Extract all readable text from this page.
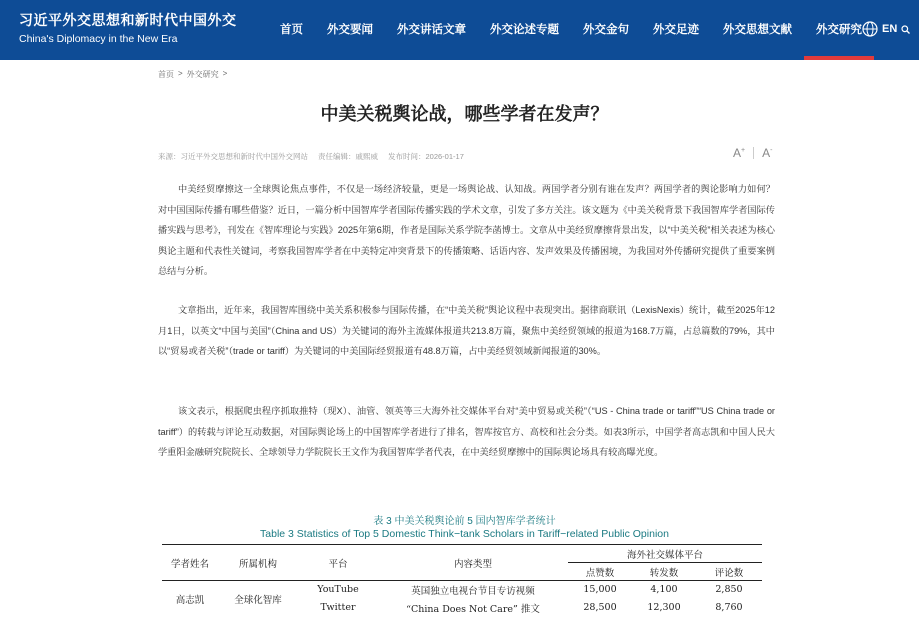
习近平外交思想和新时代中国外交
China's Diplomacy in the New Era
首页	外交要闻	外交讲话文章	外交论述专题	外交金句	外交足迹	外交思想文献	外交研究	EN
首页 > 外交研究 >
中美关税舆论战，哪些学者在发声？
来源：习近平外交思想和新时代中国外交网站 责任编辑：戚熙威 发布时间：2026-01-17	A+ A-

中美经贸摩擦这一全球舆论焦点事件，不仅是一场经济较量，更是一场舆论战、认知战。两国学者分别有谁在发声？两国学者的舆论影响力如何？对中国国际传播有哪些借鉴？近日，一篇分析中国智库学者国际传播实践的学术文章，引发了多方关注。该文题为《中美关税背景下我国智库学者国际传播实践与思考》，刊发在《智库理论与实践》2025年第6期，作者是国际关系学院李菡博士。文章从中美经贸摩擦背景出发，以“中美关税”相关表述为核心舆论主题和代表性关键词，考察我国智库学者在中美特定冲突背景下的传播策略、话语内容、发声效果及传播困境，为我国对外传播研究提供了重要案例总结与分析。

文章指出，近年来，我国智库围绕中美关系积极参与国际传播，在“中美关税”舆论议程中表现突出。据律商联讯（LexisNexis）统计，截至2025年12月1日，以英文“中国与美国”（China and US）为关键词的海外主流媒体报道共213.8万篇，聚焦中美经贸领域的报道为168.7万篇，占总篇数的79%，其中以“贸易或者关税”（trade or tariff）为关键词的中美国际经贸报道有48.8万篇，占中美经贸领域新闻报道的30%。

该文表示，根据爬虫程序抓取推特（现X）、油管、领英等三大海外社交媒体平台对“美中贸易或关税”（“US - China trade or tariff”“US China trade or tariff”）的转载与评论互动数据，对国际舆论场上的中国智库学者进行了排名，智库按官方、高校和社会分类。如表3所示，中国学者高志凯和中国人民大学重阳金融研究院院长、全球领导力学院院长王文作为我国智库学者代表，在中美经贸摩擦中的国际舆论场具有较高曝光度。

表 3 中美关税舆论前 5 国内智库学者统计
Table 3 Statistics of Top 5 Domestic Think−tank Scholars in Tariff−related Public Opinion
学者姓名	所属机构	平台	内容类型	海外社交媒体平台		
				点赞数	转发数	评论数
高志凯	全球化智库	YouTube	英国独立电视台节目专访视频	15,000	4,100	2,850
		Twitter	“China Does Not Care” 推文	28,500	12,300	8,760
